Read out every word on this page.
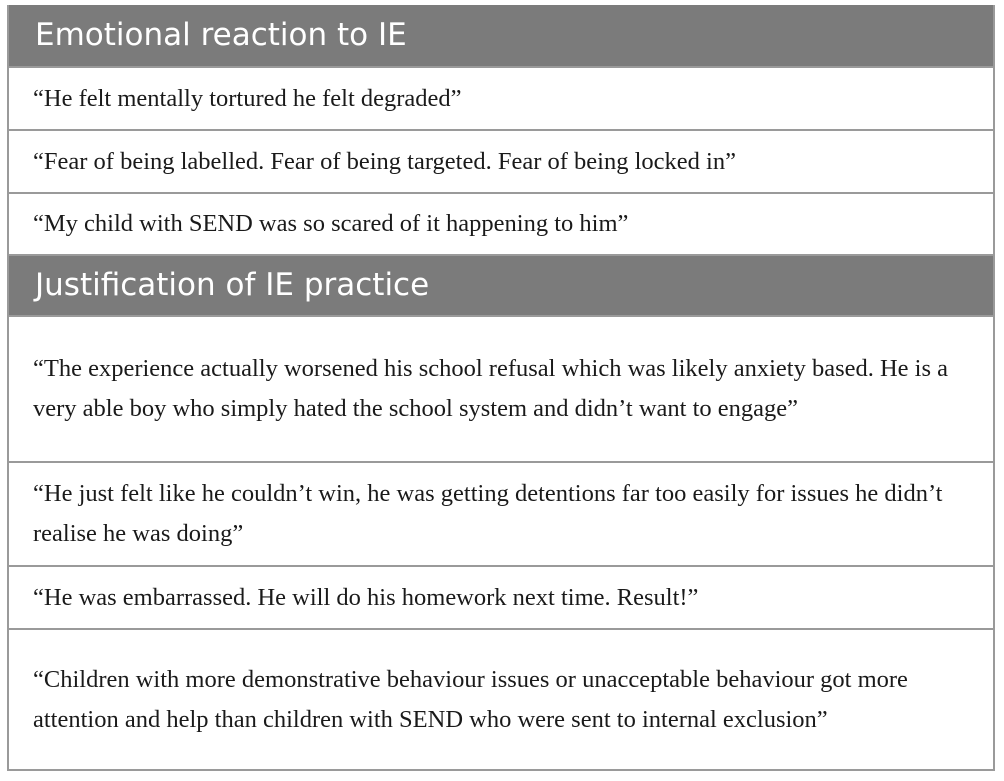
Emotional reaction to IE
“He felt mentally tortured he felt degraded”
“Fear of being labelled. Fear of being targeted. Fear of being locked in”
“My child with SEND was so scared of it happening to him”
Justification of IE practice
“The experience actually worsened his school refusal which was likely anxiety based. He is a very able boy who simply hated the school system and didn’t want to engage”
“He just felt like he couldn’t win, he was getting detentions far too easily for issues he didn’t realise he was doing”
“He was embarrassed. He will do his homework next time. Result!”
“Children with more demonstrative behaviour issues or unacceptable behaviour got more attention and help than children with SEND who were sent to internal exclusion”
